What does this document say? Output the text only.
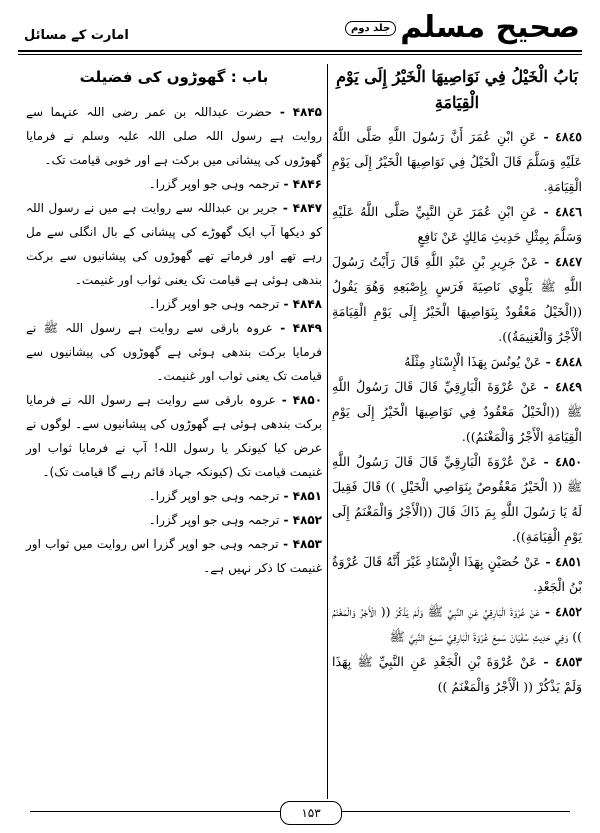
صحیح مسلمجلد دوم
امارت کے مسائل
بَابُ الْخَيْلُ فِي نَوَاصِيهَا الْخَيْرُ إِلَى يَوْمِ الْقِيَامَةِ

٤٨٤٥ - عَنِ ابْنِ عُمَرَ أَنَّ رَسُولَ اللَّهِ صَلَّى اللَّهُ عَلَيْهِ وَسَلَّمَ قَالَ الْخَيْلُ فِي نَوَاصِيهَا الْخَيْرُ إِلَى يَوْمِ الْقِيَامَةِ.

٤٨٤٦ - عَنِ ابْنِ عُمَرَ عَنِ النَّبِيِّ صَلَّى اللَّهُ عَلَيْهِ وَسَلَّمَ بِمِثْلِ حَدِيثِ مَالِكٍ عَنْ نَافِعٍ

٤٨٤٧ - عَنْ جَرِيرِ بْنِ عَبْدِ اللَّهِ قَالَ رَأَيْتُ رَسُولَ اللَّهِ ﷺ يَلْوِي نَاصِيَةَ فَرَسٍ بِإِصْبَعِهِ وَهُوَ يَقُولُ ((الْخَيْلُ مَعْقُودٌ بِنَوَاصِيهَا الْخَيْرُ إِلَى يَوْمِ الْقِيَامَةِ الْأَجْرُ وَالْغَنِيمَةُ)).

٤٨٤٨ - عَنْ يُونُسَ بِهَذَا الْإِسْنَادِ مِثْلَهُ

٤٨٤٩ - عَنْ عُرْوَةَ الْبَارِقِيِّ قَالَ قَالَ رَسُولُ اللَّهِ ﷺ ((الْخَيْلُ مَعْقُودٌ فِي نَوَاصِيهَا الْخَيْرُ إِلَى يَوْمِ الْقِيَامَةِ الْأَجْرُ وَالْمَغْنَمُ)).

٤٨٥٠ - عَنْ عُرْوَةَ الْبَارِقِيِّ قَالَ قَالَ رَسُولُ اللَّهِ ﷺ (( الْخَيْرُ مَعْقُوصٌ بِنَوَاصِي الْخَيْلِ )) قَالَ فَقِيلَ لَهُ يَا رَسُولَ اللَّهِ بِمَ ذَاكَ قَالَ ((الْأَجْرُ وَالْمَغْنَمُ إِلَى يَوْمِ الْقِيَامَةِ)).

٤٨٥١ - عَنْ حُصَيْنٍ بِهَذَا الْإِسْنَادِ غَيْرَ أَنَّهُ قَالَ عُرْوَةُ بْنُ الْجَعْدِ.

٤٨٥٢ - عَنْ عُرْوَةَ الْبَارِقِيِّ عَنِ النَّبِيِّ ﷺ وَلَمْ يَذْكُرْ (( الْأَجْرُ وَالْمَغْنَمُ )) وَفِي حَدِيثِ سُفْيَانَ سَمِعَ عُرْوَةَ الْبَارِقِيَّ سَمِعَ النَّبِيَّ ﷺ

٤٨٥٣ - عَنْ عُرْوَةَ بْنِ الْجَعْدِ عَنِ النَّبِيِّ ﷺ بِهَذَا وَلَمْ يَذْكُرْ (( الْأَجْرُ وَالْمَغْنَمُ ))

باب : گھوڑوں کی فضیلت

۴۸۴۵ - حضرت عبداللہ بن عمر رضی اللہ عنہما سے روایت ہے رسول اللہ صلی اللہ علیہ وسلم نے فرمایا گھوڑوں کی پیشانی میں برکت ہے اور خوبی قیامت تک۔

۴۸۴۶ - ترجمہ وہی جو اوپر گزرا۔

۴۸۴۷ - جریر بن عبداللہ سے روایت ہے میں نے رسول اللہ کو دیکھا آپ ایک گھوڑے کی پیشانی کے بال انگلی سے مل رہے تھے اور فرماتے تھے گھوڑوں کی پیشانیوں سے برکت بندھی ہوئی ہے قیامت تک یعنی ثواب اور غنیمت۔

۴۸۴۸ - ترجمہ وہی جو اوپر گزرا۔

۴۸۴۹ - عروہ بارقی سے روایت ہے رسول اللہ ﷺ نے فرمایا برکت بندھی ہوئی ہے گھوڑوں کی پیشانیوں سے قیامت تک یعنی ثواب اور غنیمت۔

۴۸۵۰ - عروہ بارقی سے روایت ہے رسول اللہ نے فرمایا برکت بندھی ہوئی ہے گھوڑوں کی پیشانیوں سے۔ لوگوں نے عرض کیا کیونکر یا رسول اللہ! آپ نے فرمایا ثواب اور غنیمت قیامت تک (کیونکہ جہاد قائم رہے گا قیامت تک)۔

۴۸۵۱ - ترجمہ وہی جو اوپر گزرا۔

۴۸۵۲ - ترجمہ وہی جو اوپر گزرا۔

۴۸۵۳ - ترجمہ وہی جو اوپر گزرا اس روایت میں ثواب اور غنیمت کا ذکر نہیں ہے۔

۱۵۳
